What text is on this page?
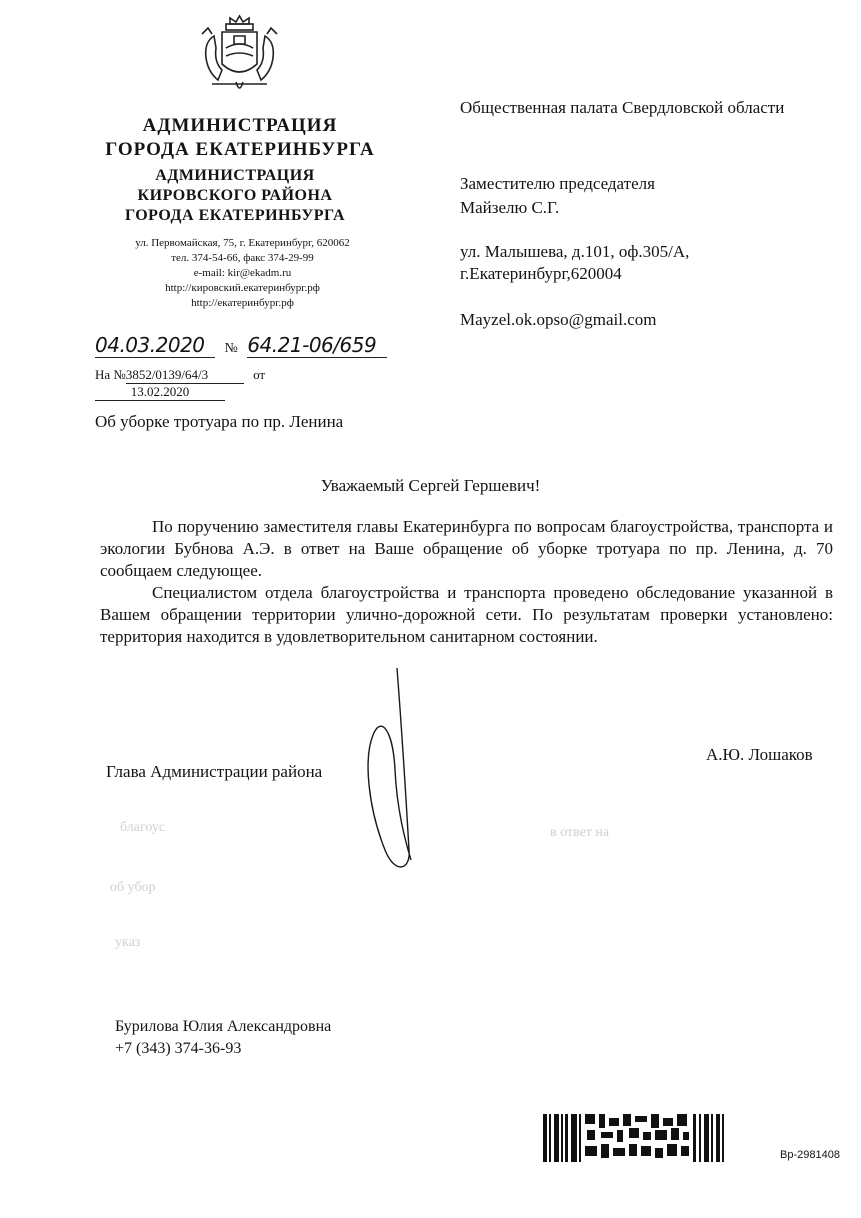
благоус
об убор
указ
в ответ на
АДМИНИСТРАЦИЯ
ГОРОДА ЕКАТЕРИНБУРГА
АДМИНИСТРАЦИЯ
КИРОВСКОГО РАЙОНА
ГОРОДА ЕКАТЕРИНБУРГА
ул. Первомайская, 75, г. Екатеринбург, 620062
тел. 374-54-66, факс 374-29-99
e-mail: kir@ekadm.ru
http://кировский.екатеринбург.рф
http://екатеринбург.рф
04.03.2020 № 64.21-06/659
На №3852/0139/64/3	от 13.02.2020
Общественная палата Свердловской области
Заместителю председателя
Майзелю С.Г.
ул. Малышева, д.101, оф.305/А,
г.Екатеринбург,620004
Mayzel.ok.opso@gmail.com
Об уборке тротуара по пр. Ленина
Уважаемый Сергей Гершевич!

По поручению заместителя главы Екатеринбурга по вопросам благоустройства, транспорта и экологии Бубнова А.Э. в ответ на Ваше обращение об уборке тротуара по пр. Ленина, д. 70 сообщаем следующее.

Специалистом отдела благоустройства и транспорта проведено обследование указанной в Вашем обращении территории улично-дорожной сети. По результатам проверки установлено: территория находится в удовлетворительном санитарном состоянии.

Глава Администрации района
А.Ю. Лошаков
Бурилова Юлия Александровна
+7 (343) 374-36-93
Вр-2981408
